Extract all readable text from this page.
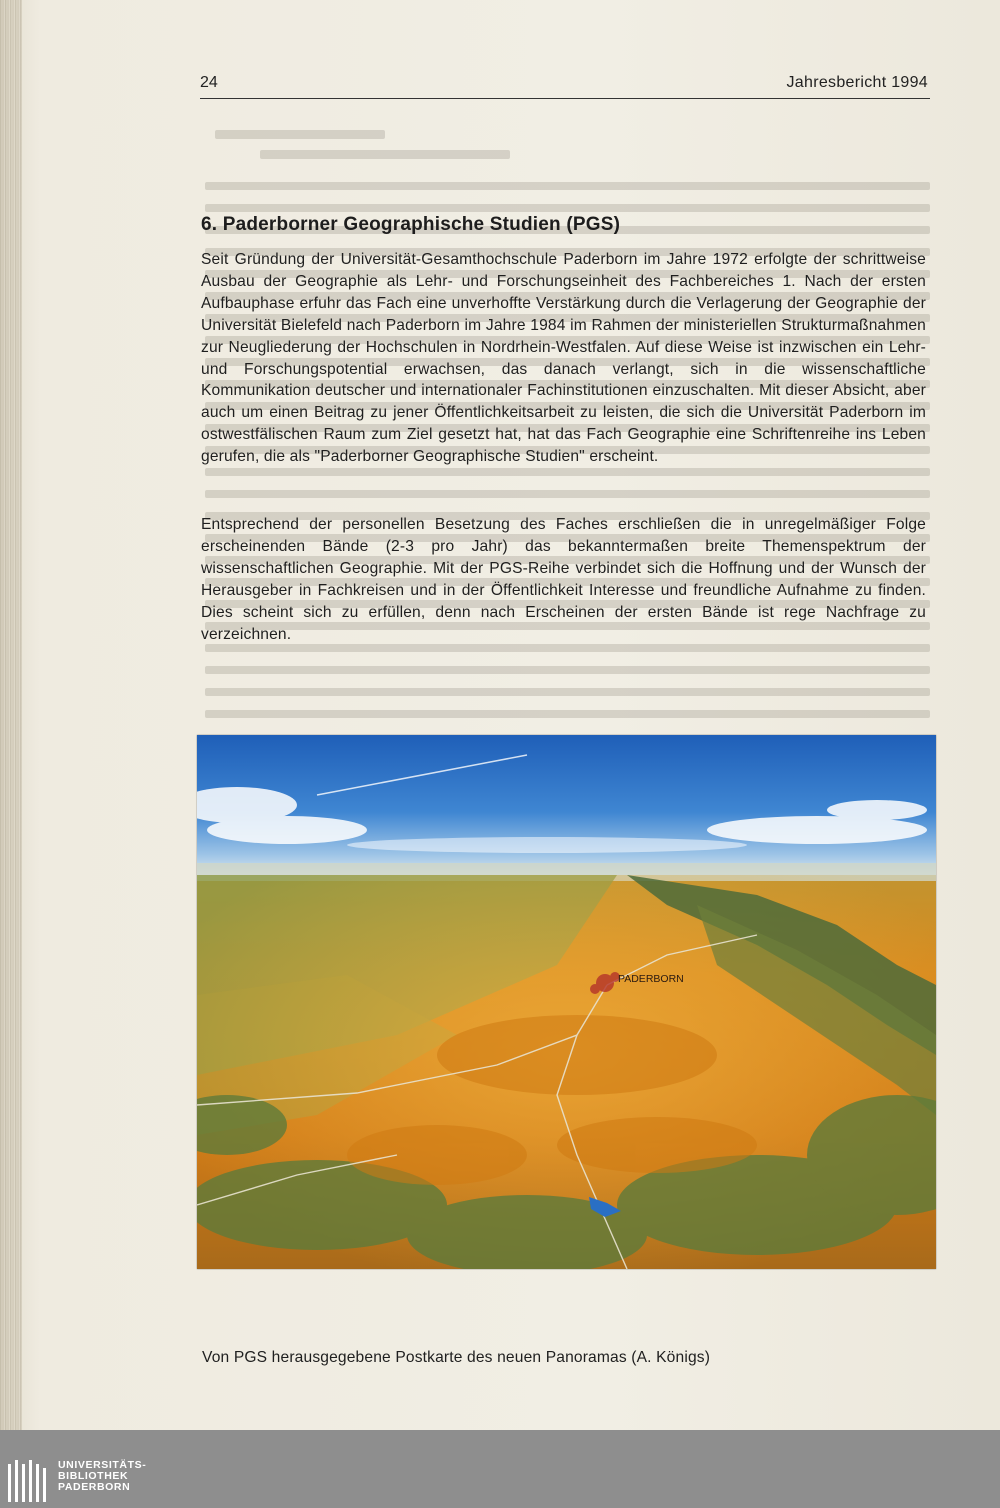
24	Jahresbericht 1994
6. Paderborner Geographische Studien (PGS)

Seit Gründung der Universität-Gesamthochschule Paderborn im Jahre 1972 erfolgte der schrittweise Ausbau der Geographie als Lehr- und Forschungseinheit des Fachbereiches 1. Nach der ersten Aufbauphase erfuhr das Fach eine unverhoffte Verstärkung durch die Verlagerung der Geographie der Universität Bielefeld nach Paderborn im Jahre 1984 im Rahmen der ministeriellen Strukturmaßnahmen zur Neugliederung der Hochschulen in Nordrhein-Westfalen. Auf diese Weise ist inzwischen ein Lehr- und Forschungspotential erwachsen, das danach verlangt, sich in die wissenschaftliche Kommunikation deutscher und internationaler Fachinstitutionen einzuschalten. Mit dieser Absicht, aber auch um einen Beitrag zu jener Öffentlichkeitsarbeit zu leisten, die sich die Universität Paderborn im ostwestfälischen Raum zum Ziel gesetzt hat, hat das Fach Geographie eine Schriftenreihe ins Leben gerufen, die als "Paderborner Geographische Studien" erscheint.

Entsprechend der personellen Besetzung des Faches erschließen die in unregelmäßiger Folge erscheinenden Bände (2-3 pro Jahr) das bekanntermaßen breite Themenspektrum der wissenschaftlichen Geographie. Mit der PGS-Reihe verbindet sich die Hoffnung und der Wunsch der Herausgeber in Fachkreisen und in der Öffentlichkeit Interesse und freundliche Aufnahme zu finden. Dies scheint sich zu erfüllen, denn nach Erscheinen der ersten Bände ist rege Nachfrage zu verzeichnen.

PADERBORN

Von PGS herausgegebene Postkarte des neuen Panoramas (A. Königs)

UNIVERSITÄTS-
BIBLIOTHEK
PADERBORN
